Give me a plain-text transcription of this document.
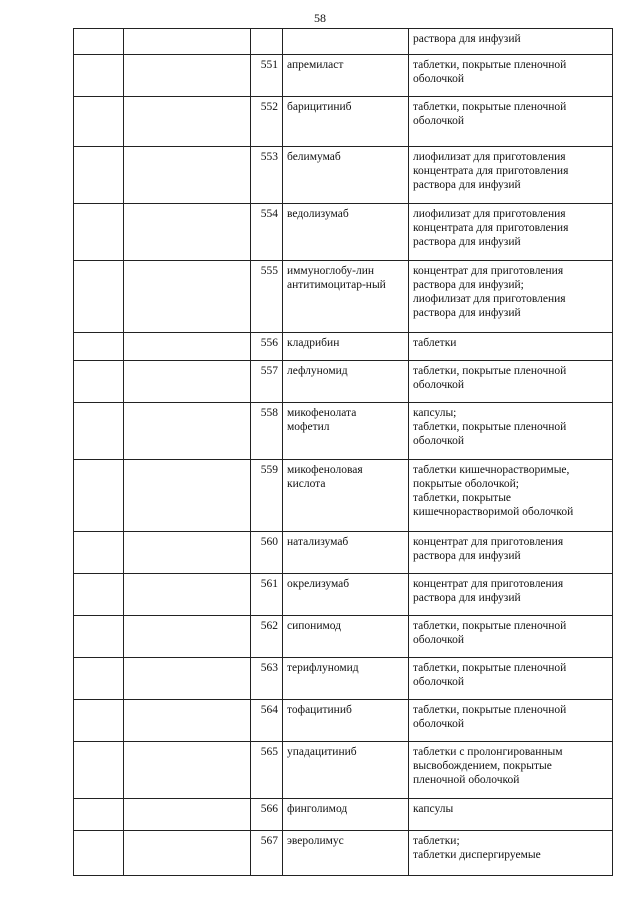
58

				раствора для инфузий

		551	апремиласт	таблетки, покрытые пленочной
оболочкой

		552	барицитиниб	таблетки, покрытые пленочной
оболочкой

		553	белимумаб	лиофилизат для приготовления
концентрата для приготовления
раствора для инфузий

		554	ведолизумаб	лиофилизат для приготовления
концентрата для приготовления
раствора для инфузий

		555	иммуноглобу-лин
антитимоцитар-ный	концентрат для приготовления
раствора для инфузий;
лиофилизат для приготовления
раствора для инфузий

		556	кладрибин	таблетки

		557	лефлуномид	таблетки, покрытые пленочной
оболочкой

		558	микофенолата
мофетил	капсулы;
таблетки, покрытые пленочной
оболочкой

		559	микофеноловая
кислота	таблетки кишечнорастворимые,
покрытые оболочкой;
таблетки, покрытые
кишечнорастворимой оболочкой

		560	натализумаб	концентрат для приготовления
раствора для инфузий

		561	окрелизумаб	концентрат для приготовления
раствора для инфузий

		562	сипонимод	таблетки, покрытые пленочной
оболочкой

		563	терифлуномид	таблетки, покрытые пленочной
оболочкой

		564	тофацитиниб	таблетки, покрытые пленочной
оболочкой

		565	упадацитиниб	таблетки с пролонгированным
высвобождением, покрытые
пленочной оболочкой

		566	финголимод	капсулы

		567	эверолимус	таблетки;
таблетки диспергируемые
